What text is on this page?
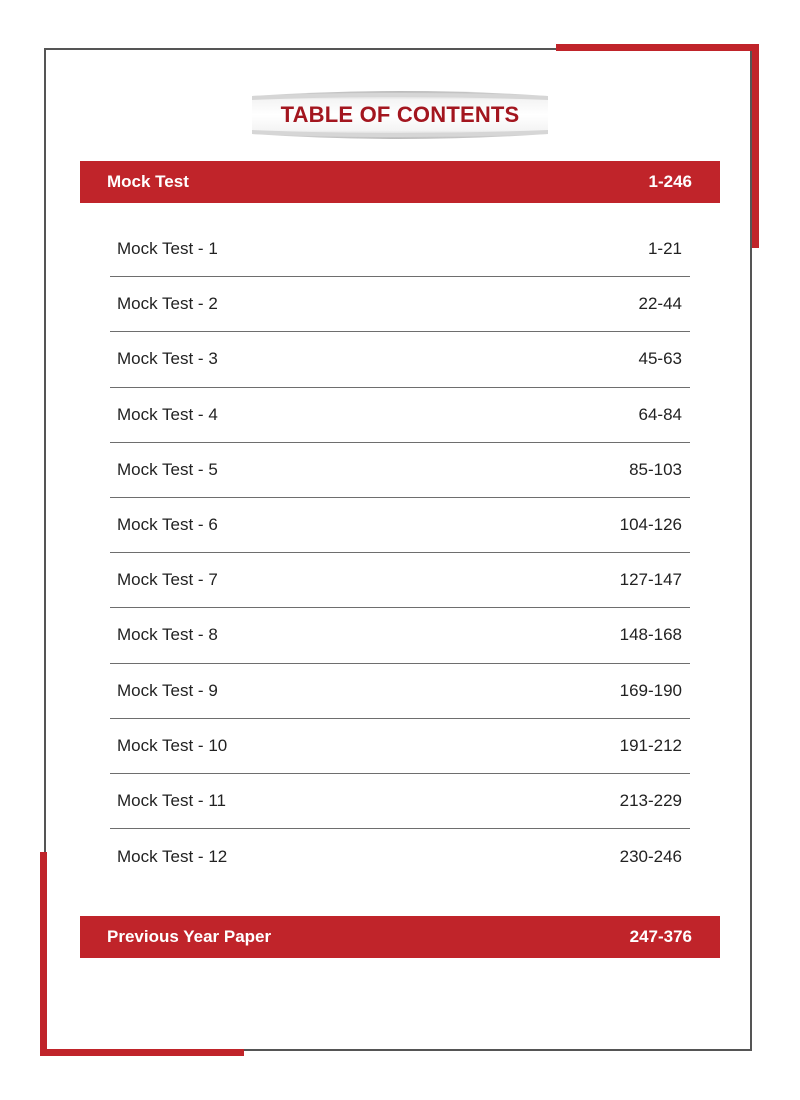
TABLE OF CONTENTS
Mock Test	1-246
Mock Test - 1	1-21
Mock Test - 2	22-44
Mock Test - 3	45-63
Mock Test - 4	64-84
Mock Test - 5	85-103
Mock Test - 6	104-126
Mock Test - 7	127-147
Mock Test - 8	148-168
Mock Test - 9	169-190
Mock Test - 10	191-212
Mock Test - 11	213-229
Mock Test - 12	230-246
Previous Year Paper	247-376
